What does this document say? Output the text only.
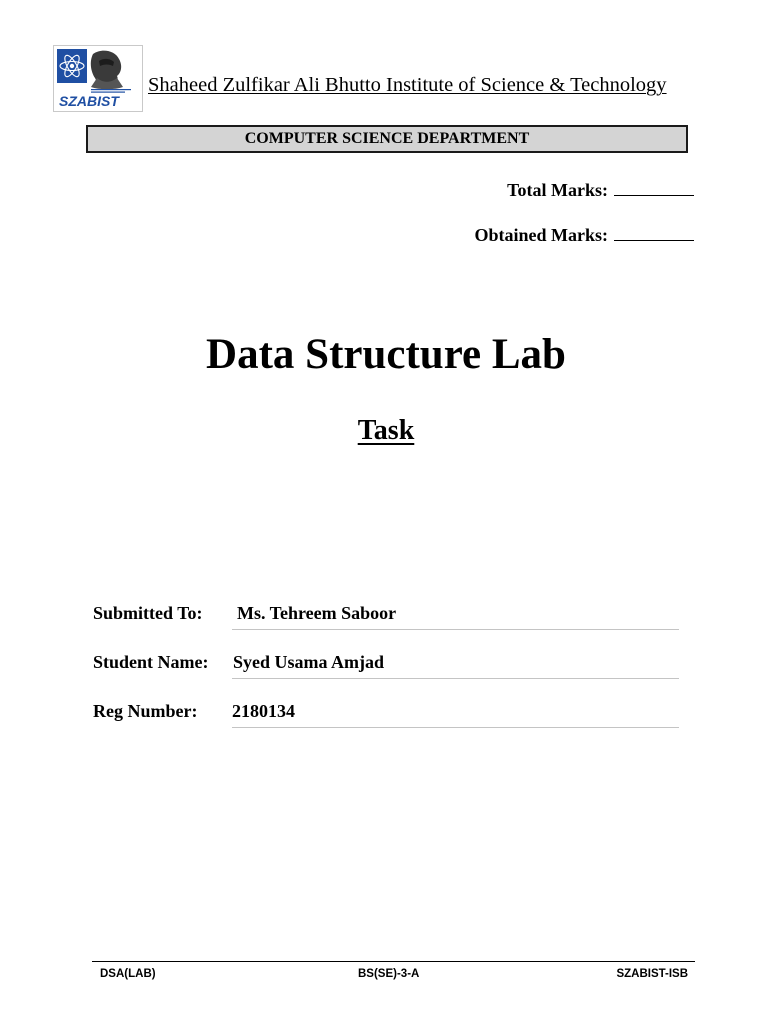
SZABIST
Shaheed Zulfikar Ali Bhutto Institute of Science & Technology
COMPUTER SCIENCE DEPARTMENT
Total Marks:
Obtained Marks:
Data Structure Lab
Task
Submitted To: Ms. Tehreem Saboor
Student Name: Syed Usama Amjad
Reg Number: 2180134
DSA(LAB)	BS(SE)-3-A	SZABIST-ISB
